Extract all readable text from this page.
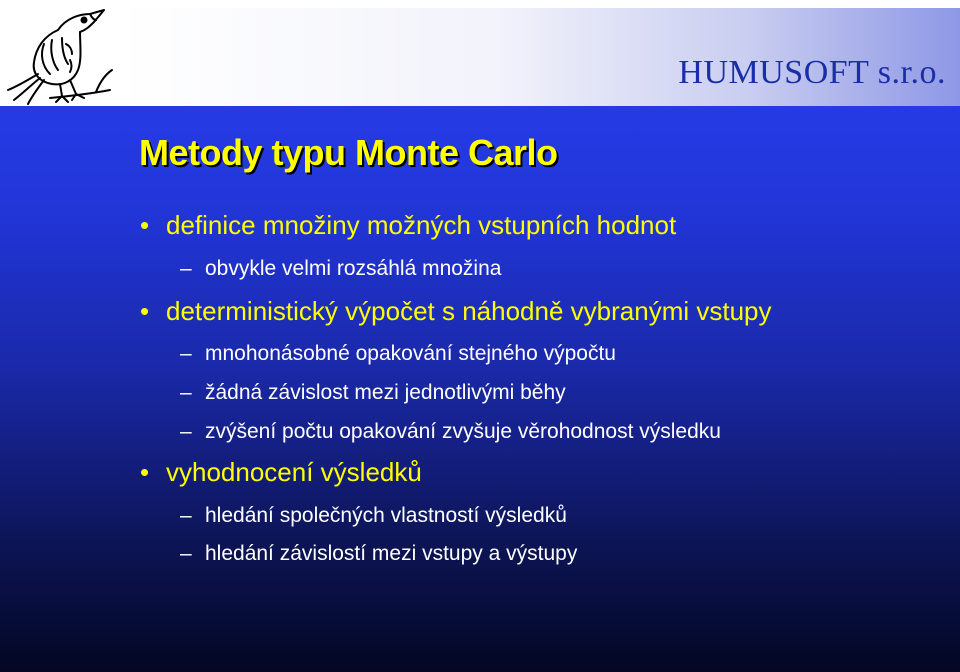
HUMUSOFT s.r.o.
Metody typu Monte Carlo
• definice množiny možných vstupních hodnot
– obvykle velmi rozsáhlá množina
• deterministický výpočet s náhodně vybranými vstupy
– mnohonásobné opakování stejného výpočtu
– žádná závislost mezi jednotlivými běhy
– zvýšení počtu opakování zvyšuje věrohodnost výsledku
• vyhodnocení výsledků
– hledání společných vlastností výsledků
– hledání závislostí mezi vstupy a výstupy
